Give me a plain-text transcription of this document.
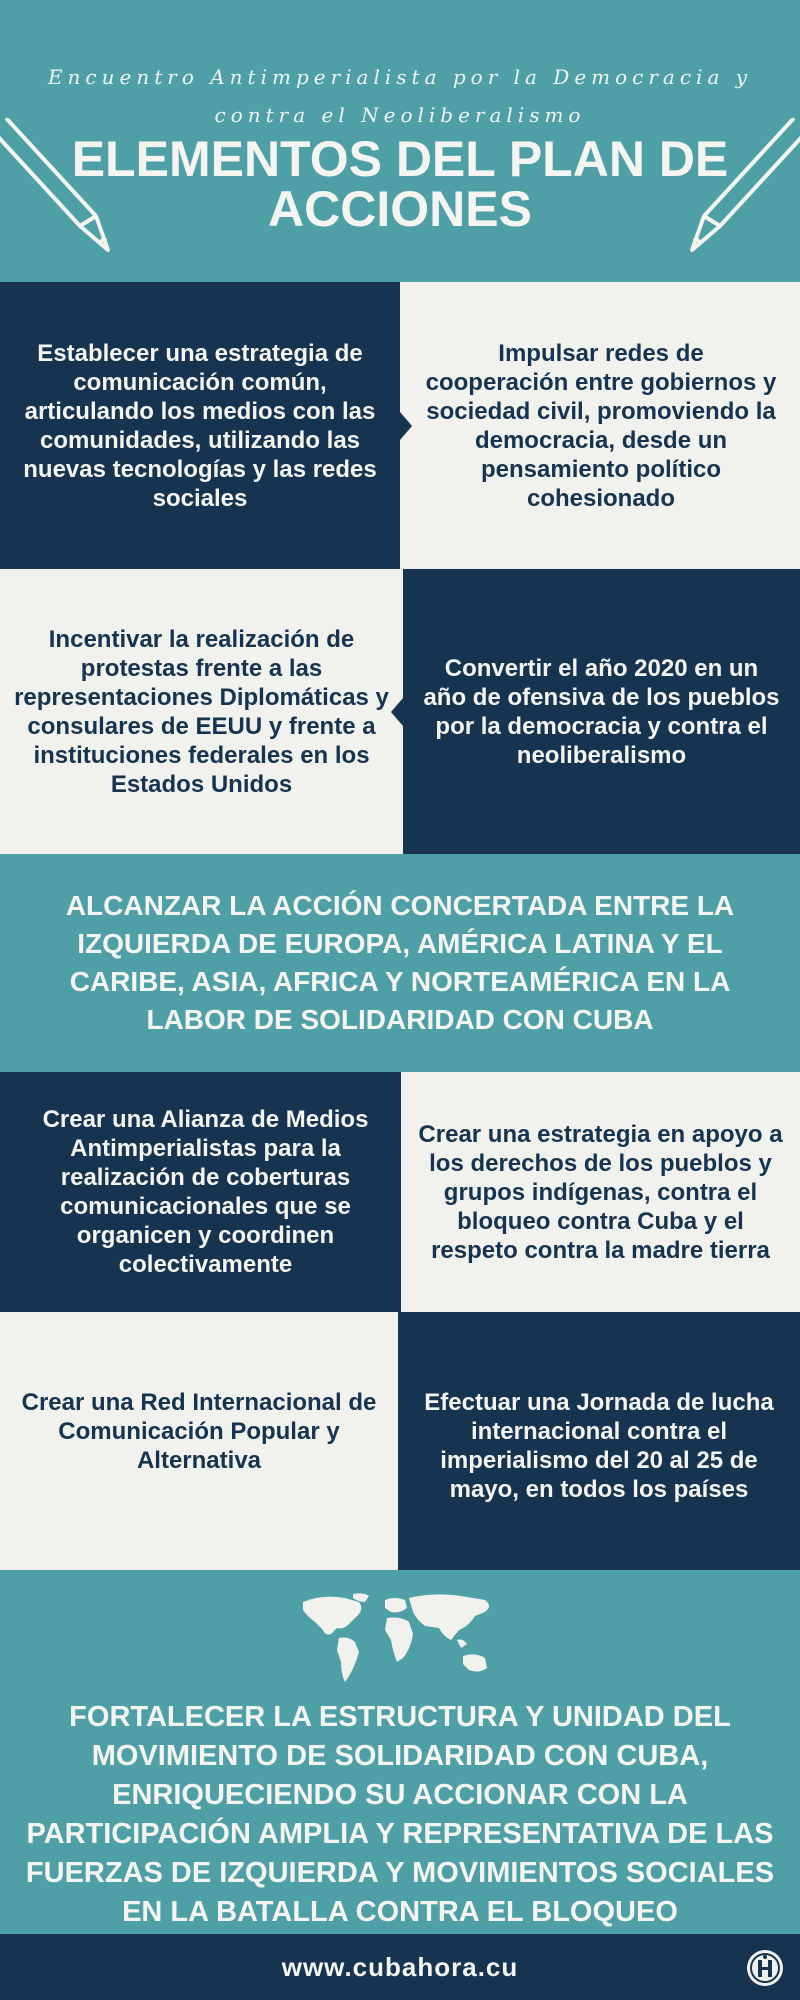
Encuentro Antimperialista por la Democracia y contra el Neoliberalismo
ELEMENTOS DEL PLAN DE ACCIONES
Establecer una estrategia de comunicación común, articulando los medios con las comunidades, utilizando las nuevas tecnologías y las redes sociales
Impulsar redes de cooperación entre gobiernos y sociedad civil, promoviendo la democracia, desde un pensamiento político cohesionado
Incentivar la realización de protestas frente a las representaciones Diplomáticas y consulares de EEUU y frente a instituciones federales en los Estados Unidos
Convertir el año 2020 en un año de ofensiva de los pueblos por la democracia y contra el neoliberalismo
ALCANZAR LA ACCIÓN CONCERTADA ENTRE LA IZQUIERDA DE EUROPA, AMÉRICA LATINA Y EL CARIBE, ASIA, AFRICA Y NORTEAMÉRICA EN LA LABOR DE SOLIDARIDAD CON CUBA
Crear una Alianza de Medios Antimperialistas para la realización de coberturas comunicacionales que se organicen y coordinen colectivamente
Crear una estrategia en apoyo a los derechos de los pueblos y grupos indígenas, contra el bloqueo contra Cuba y el respeto contra la madre tierra
Crear una Red Internacional de Comunicación Popular y Alternativa
Efectuar una Jornada de lucha internacional contra el imperialismo del 20 al 25 de mayo, en todos los países
FORTALECER LA ESTRUCTURA Y UNIDAD DEL MOVIMIENTO DE SOLIDARIDAD CON CUBA, ENRIQUECIENDO SU ACCIONAR CON LA PARTICIPACIÓN AMPLIA Y REPRESENTATIVA DE LAS FUERZAS DE IZQUIERDA Y MOVIMIENTOS SOCIALES EN LA BATALLA CONTRA EL BLOQUEO
www.cubahora.cu
